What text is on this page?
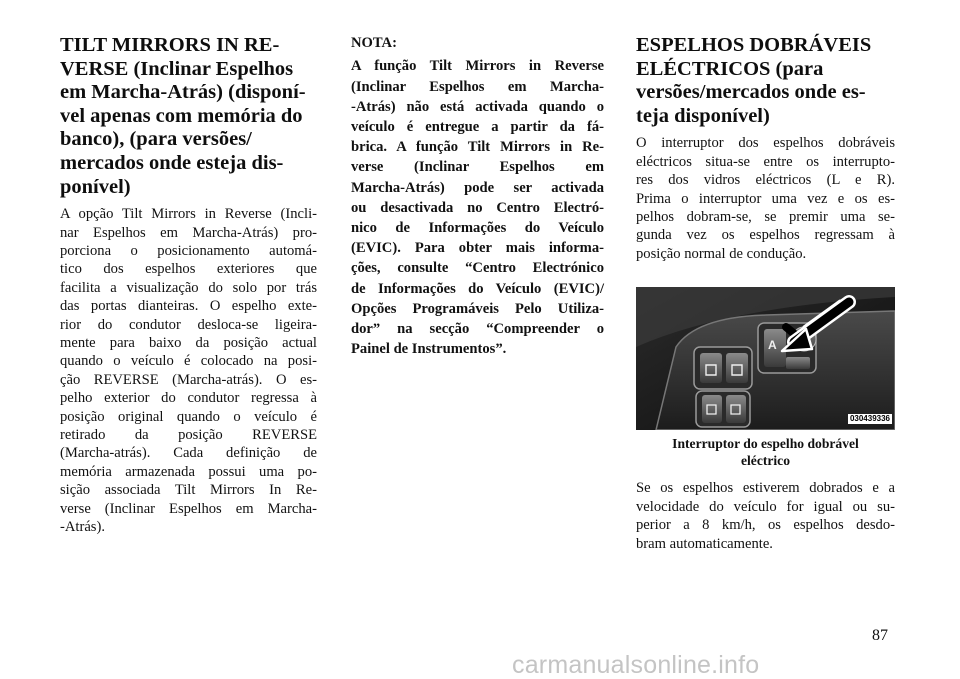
TILT MIRRORS IN RE-
VERSE (Inclinar Espelhos
em Marcha-Atrás) (disponí-
vel apenas com memória do
banco), (para versões/
mercados onde esteja dis-
ponível)

A opção Tilt Mirrors in Reverse (Incli-
nar Espelhos em Marcha-Atrás) pro-
porciona o posicionamento automá-
tico dos espelhos exteriores que
facilita a visualização do solo por trás
das portas dianteiras. O espelho exte-
rior do condutor desloca-se ligeira-
mente para baixo da posição actual
quando o veículo é colocado na posi-
ção REVERSE (Marcha-atrás). O es-
pelho exterior do condutor regressa à
posição original quando o veículo é
retirado da posição REVERSE
(Marcha-atrás). Cada definição de
memória armazenada possui uma po-
sição associada Tilt Mirrors In Re-
verse (Inclinar Espelhos em Marcha-
-Atrás).

NOTA:

A função Tilt Mirrors in Reverse
(Inclinar Espelhos em Marcha-
-Atrás) não está activada quando o
veículo é entregue a partir da fá-
brica. A função Tilt Mirrors in Re-
verse (Inclinar Espelhos em
Marcha-Atrás) pode ser activada
ou desactivada no Centro Electró-
nico de Informações do Veículo
(EVIC). Para obter mais informa-
ções, consulte “Centro Electrónico
de Informações do Veículo (EVIC)/
Opções Programáveis Pelo Utiliza-
dor” na secção “Compreender o
Painel de Instrumentos”.

ESPELHOS DOBRÁVEIS
ELÉCTRICOS (para
versões/mercados onde es-
teja disponível)

O interruptor dos espelhos dobráveis
eléctricos situa-se entre os interrupto-
res dos vidros eléctricos (L e R).
Prima o interruptor uma vez e os es-
pelhos dobram-se, se premir uma se-
gunda vez os espelhos regressam à
posição normal de condução.

A
030439336
Interruptor do espelho dobrável
eléctrico

Se os espelhos estiverem dobrados e a
velocidade do veículo for igual ou su-
perior a 8 km/h, os espelhos desdo-
bram automaticamente.

87
carmanualsonline.info
